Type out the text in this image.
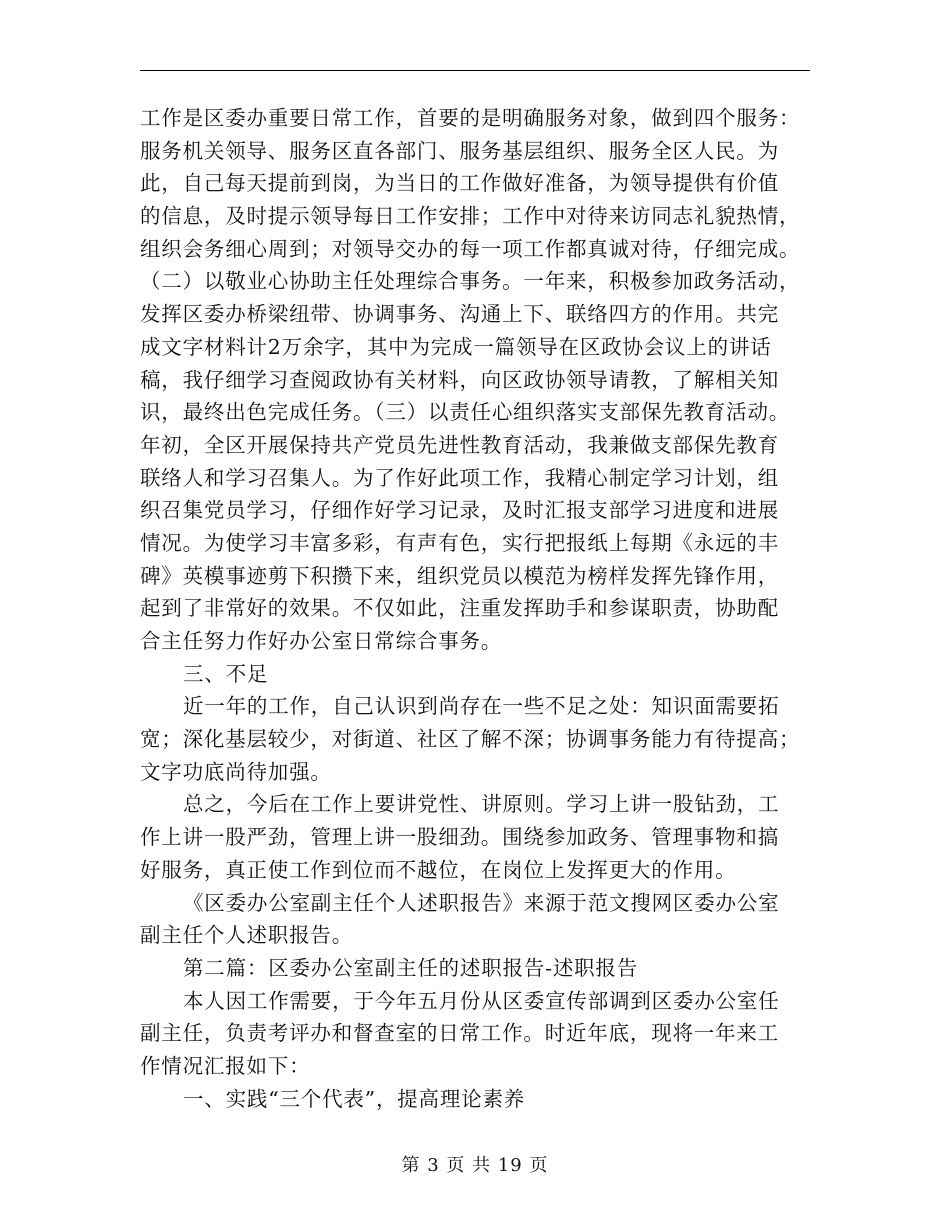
工作是区委办重要日常工作，首要的是明确服务对象，做到四个服务：
服务机关领导、服务区直各部门、服务基层组织、服务全区人民。为
此，自己每天提前到岗，为当日的工作做好准备，为领导提供有价值
的信息，及时提示领导每日工作安排；工作中对待来访同志礼貌热情，
组织会务细心周到；对领导交办的每一项工作都真诚对待，仔细完成。
（二）以敬业心协助主任处理综合事务。一年来，积极参加政务活动，
发挥区委办桥梁纽带、协调事务、沟通上下、联络四方的作用。共完
成文字材料计2万余字，其中为完成一篇领导在区政协会议上的讲话
稿，我仔细学习查阅政协有关材料，向区政协领导请教，了解相关知
识，最终出色完成任务。（三）以责任心组织落实支部保先教育活动。
年初，全区开展保持共产党员先进性教育活动，我兼做支部保先教育
联络人和学习召集人。为了作好此项工作，我精心制定学习计划，组
织召集党员学习，仔细作好学习记录，及时汇报支部学习进度和进展
情况。为使学习丰富多彩，有声有色，实行把报纸上每期《永远的丰
碑》英模事迹剪下积攒下来，组织党员以模范为榜样发挥先锋作用，
起到了非常好的效果。不仅如此，注重发挥助手和参谋职责，协助配
合主任努力作好办公室日常综合事务。
三、不足
近一年的工作，自己认识到尚存在一些不足之处：知识面需要拓
宽；深化基层较少，对街道、社区了解不深；协调事务能力有待提高；
文字功底尚待加强。
总之，今后在工作上要讲党性、讲原则。学习上讲一股钻劲，工
作上讲一股严劲，管理上讲一股细劲。围绕参加政务、管理事物和搞
好服务，真正使工作到位而不越位，在岗位上发挥更大的作用。
《区委办公室副主任个人述职报告》来源于范文搜网区委办公室
副主任个人述职报告。
第二篇：区委办公室副主任的述职报告-述职报告
本人因工作需要，于今年五月份从区委宣传部调到区委办公室任
副主任，负责考评办和督查室的日常工作。时近年底，现将一年来工
作情况汇报如下：
一、实践“三个代表”，提高理论素养
第 3 页 共 19 页
